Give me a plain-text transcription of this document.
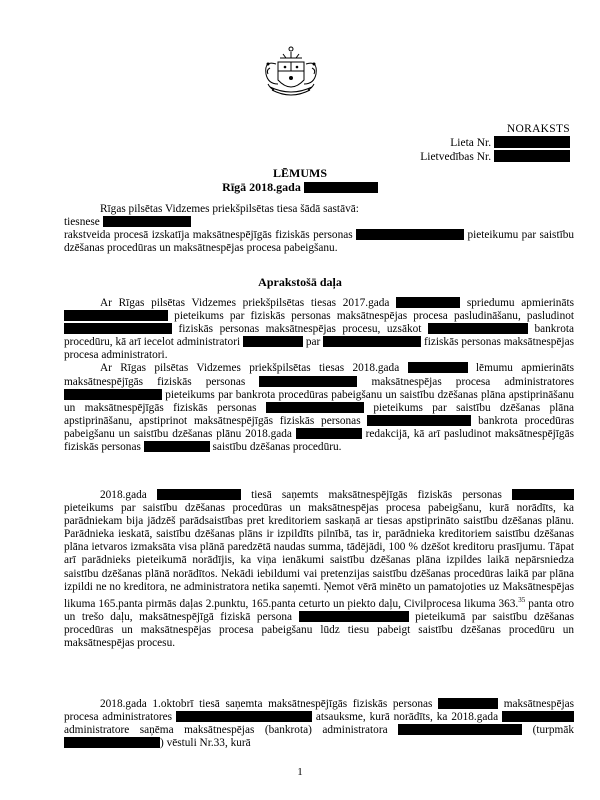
NORAKSTS
Lieta Nr.
Lietvedības Nr.
LĒMUMS
Rīgā 2018.gada

Rīgas pilsētas Vidzemes priekšpilsētas tiesa šādā sastāvā:

tiesnese

rakstveida procesā izskatīja maksātnespējīgās fiziskās personas	pieteikumu par saistību dzēšanas procedūras un maksātnespējas procesa pabeigšanu.

Aprakstošā daļa

Ar Rīgas pilsētas Vidzemes priekšpilsētas tiesas 2017.gada	spriedumu apmierināts  pieteikums par fiziskās personas maksātnespējas procesa pasludināšanu, pasludinot  fiziskās personas maksātnespējas procesu, uzsākot	bankrota procedūru, kā arī iecelot administratori	par	fiziskās personas maksātnespējas procesa administratori.

Ar Rīgas pilsētas Vidzemes priekšpilsētas tiesas 2018.gada	lēmumu apmierināts maksātnespējīgās fiziskās personas	maksātnespējas procesa administratores  pieteikums par bankrota procedūras pabeigšanu un saistību dzēšanas plāna apstiprināšanu un maksātnespējīgās fiziskās personas	pieteikums par saistību dzēšanas plāna apstiprināšanu, apstiprinot maksātnespējīgās fiziskās personas	bankrota procedūras pabeigšanu un saistību dzēšanas plānu 2018.gada	redakcijā, kā arī pasludinot maksātnespējīgās fiziskās personas	saistību dzēšanas procedūru.

2018.gada	tiesā saņemts maksātnespējīgās fiziskās personas  pieteikums par saistību dzēšanas procedūras un maksātnespējas procesa pabeigšanu, kurā norādīts, ka parādniekam bija jādzēš parādsaistības pret kreditoriem saskaņā ar tiesas apstiprināto saistību dzēšanas plānu. Parādnieka ieskatā, saistību dzēšanas plāns ir izpildīts pilnībā, tas ir, parādnieka kreditoriem saistību dzēšanas plāna ietvaros izmaksāta visa plānā paredzētā naudas summa, tādējādi, 100 % dzēšot kreditoru prasījumu. Tāpat arī parādnieks pieteikumā norādījis, ka viņa ienākumi saistību dzēšanas plāna izpildes laikā nepārsniedza saistību dzēšanas plānā norādītos. Nekādi iebildumi vai pretenzijas saistību dzēšanas procedūras laikā par plāna izpildi ne no kreditora, ne administratora netika saņemti. Ņemot vērā minēto un pamatojoties uz Maksātnespējas likuma 165.panta pirmās daļas 2.punktu, 165.panta ceturto un piekto daļu, Civilprocesa likuma 363.35 panta otro un trešo daļu, maksātnespējīgā fiziskā persona	pieteikumā par saistību dzēšanas procedūras un maksātnespējas procesa pabeigšanu lūdz tiesu pabeigt saistību dzēšanas procedūru un maksātnespējas procesu.

2018.gada 1.oktobrī tiesā saņemta maksātnespējīgās fiziskās personas	maksātnespējas procesa administratores	atsauksme, kurā norādīts, ka 2018.gada  administratore saņēma maksātnespējas (bankrota) administratora	(turpmāk ) vēstuli Nr.33, kurā

1
